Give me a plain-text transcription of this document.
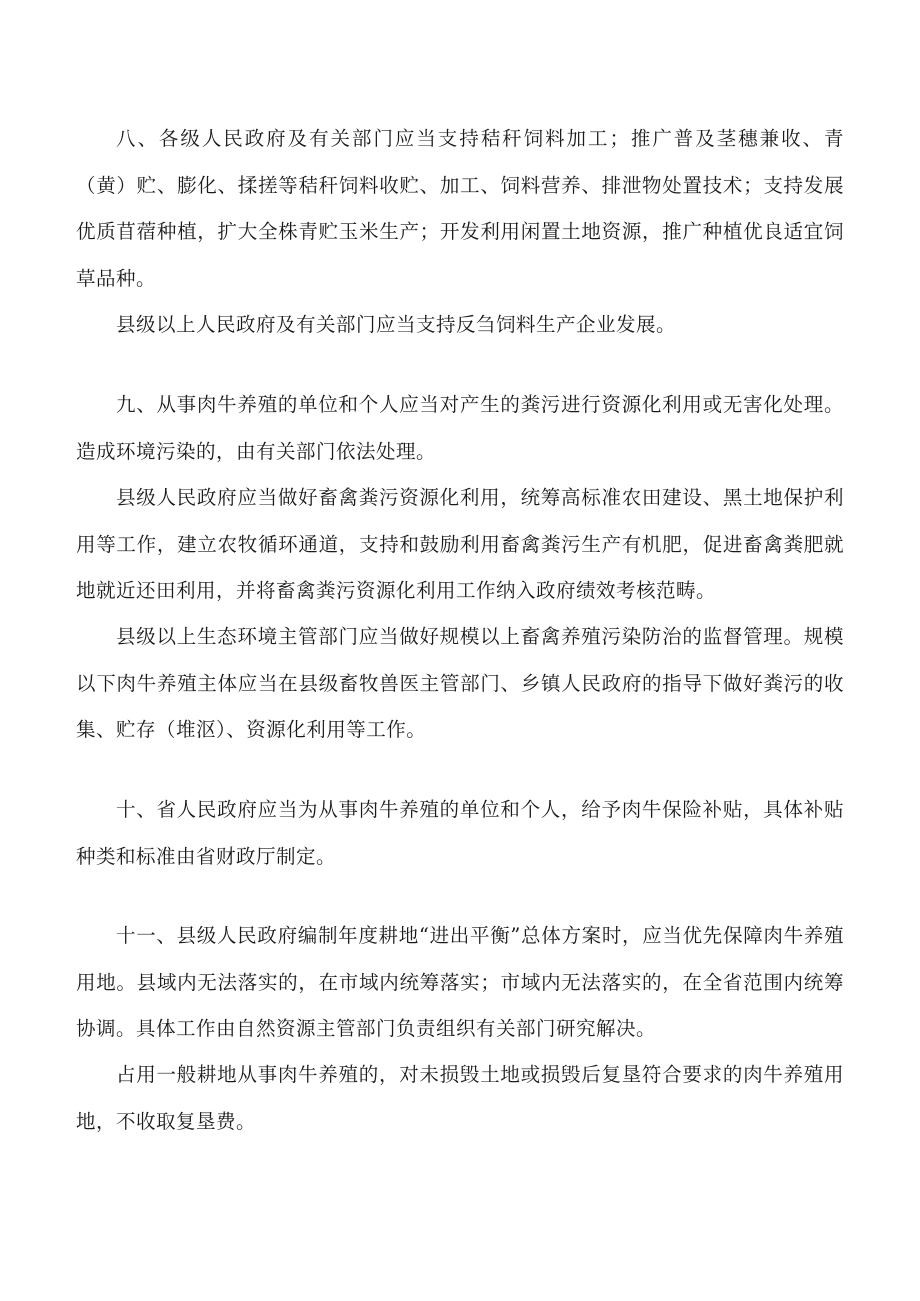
八、各级人民政府及有关部门应当支持秸秆饲料加工；推广普及茎穗兼收、青（黄）贮、膨化、揉搓等秸秆饲料收贮、加工、饲料营养、排泄物处置技术；支持发展优质苜蓿种植，扩大全株青贮玉米生产；开发利用闲置土地资源，推广种植优良适宜饲草品种。

县级以上人民政府及有关部门应当支持反刍饲料生产企业发展。

九、从事肉牛养殖的单位和个人应当对产生的粪污进行资源化利用或无害化处理。造成环境污染的，由有关部门依法处理。

县级人民政府应当做好畜禽粪污资源化利用，统筹高标准农田建设、黑土地保护利用等工作，建立农牧循环通道，支持和鼓励利用畜禽粪污生产有机肥，促进畜禽粪肥就地就近还田利用，并将畜禽粪污资源化利用工作纳入政府绩效考核范畴。

县级以上生态环境主管部门应当做好规模以上畜禽养殖污染防治的监督管理。规模以下肉牛养殖主体应当在县级畜牧兽医主管部门、乡镇人民政府的指导下做好粪污的收集、贮存（堆沤）、资源化利用等工作。

十、省人民政府应当为从事肉牛养殖的单位和个人，给予肉牛保险补贴，具体补贴种类和标准由省财政厅制定。

十一、县级人民政府编制年度耕地“进出平衡”总体方案时，应当优先保障肉牛养殖用地。县域内无法落实的，在市域内统筹落实；市域内无法落实的，在全省范围内统筹协调。具体工作由自然资源主管部门负责组织有关部门研究解决。

占用一般耕地从事肉牛养殖的，对未损毁土地或损毁后复垦符合要求的肉牛养殖用地，不收取复垦费。
